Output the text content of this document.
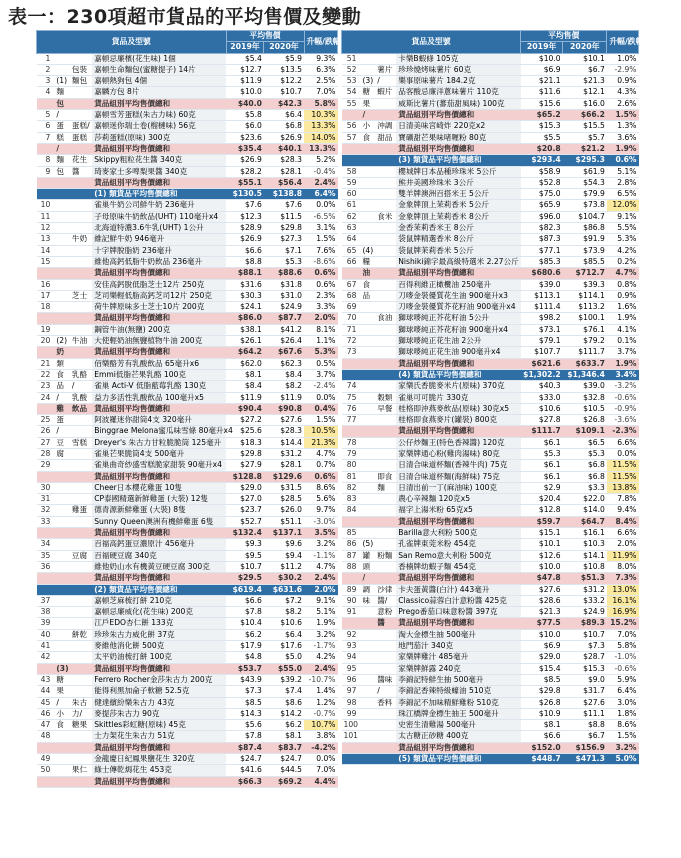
表一：230項超市貨品的平均售價及變動
貨品及型號				平均售價		升幅/跌幅
				2019年	2020年	
1			嘉頓忌廉檳(花生味) 1個	$5.4	$5.9	9.3%
2		包裝	嘉頓生命麵包(蜜糖提子) 14片	$12.7	$13.5	6.3%
3	(1)	麵包	嘉頓熱狗包 4個	$11.9	$12.2	2.5%
4	麵		嘉麟方包 8片	$10.0	$10.7	7.0%
	包		貨品組別平均售價總和	$40.0	$42.3	5.8%
5	/		嘉頓雪芳蛋糕(朱古力味) 60克	$5.8	$6.4	10.3%
6	蛋	蛋糕/	嘉頓迷你瑞士卷(榴槤味) 56克	$6.0	$6.8	13.3%
7	糕	蛋糕	莎莉蛋糕(原味) 300克	$23.6	$26.9	14.0%
	/		貨品組別平均售價總和	$35.4	$40.1	13.3%
8	麵	花生	Skippy粗粒花生醬 340克	$26.9	$28.3	5.2%
9	包	醬	琦麥家士多啤梨果醬 340克	$28.2	$28.1	-0.4%
			貨品組別平均售價總和	$55.1	$56.4	2.4%
			(1) 類貨品平均售價總和	$130.5	$138.8	6.4%
10			雀巢牛奶公司鮮牛奶 236毫升	$7.6	$7.6	0.0%
11			子母原味牛奶飲品(UHT) 110毫升x4	$12.3	$11.5	-6.5%
12			北海道特濃3.6牛乳(UHT) 1公升	$28.9	$29.8	3.1%
13		牛奶	維記鮮牛奶 946毫升	$26.9	$27.3	1.5%
14			十字牌脫脂奶 236毫升	$6.6	$7.1	7.6%
15			維他高鈣低脂牛奶飲品 236毫升	$8.8	$5.3	-8.6%
			貨品組別平均售價總和	$88.1	$88.6	0.6%
16			安佳高鈣脫低脂芝士12片 250克	$31.6	$31.8	0.6%
17		芝士	芝司樂輕低脂高鈣芝司12片 250克	$30.3	$31.0	2.3%
18			荷牛牌原味多士芝士10片 200克	$24.1	$24.9	3.3%
			貨品組別平均售價總和	$86.0	$87.7	2.0%
19			鋼管牛油(無鹽) 200克	$38.1	$41.2	8.1%
20	(2)	牛油	大使輕奶油無鹽植物牛油 200克	$26.1	$26.4	1.1%
	奶		貨品組別平均售價總和	$64.2	$67.6	5.3%
21	類		佰樂酪芳有乳酸飲品 65毫升x6	$62.0	$62.3	0.5%
22	食	乳酪	Emmi低脂芒果乳酪 100克	$8.1	$8.4	3.7%
23	品	/	雀巢 Acti-V 低脂藍莓乳酪 130克	$8.4	$8.2	-2.4%
24	/	乳酸	益力多活性乳酸飲品 100毫升x5	$11.9	$11.9	0.0%
	雞	飲品	貨品組別平均售價總和	$90.4	$90.8	0.4%
25	蛋		阿波羅迷你甜筒4支 320毫升	$27.2	$27.6	1.5%
26	/		Binggrae Melona蜜瓜味雪條 80毫升x4	$25.6	$28.3	10.5%
27	豆	雪糕	Dreyer's 朱古力甘粒脆脆筒 125毫升	$18.3	$14.4	21.3%
28	腐		雀巢芒果脆筒4支 500毫升	$29.8	$31.2	4.7%
29			雀巢曲奇紗盛雪糕脆家甜裝 90毫升x4	$27.9	$28.1	0.7%
			貨品組別平均售價總和	$128.8	$129.6	0.6%
30			Cheer日本櫻花雞蛋 10隻	$29.0	$31.5	8.6%
31			CP泰國精選新鮮雞蛋 (大裝) 12隻	$27.0	$28.5	5.6%
32		雞蛋	德青源新鮮雞蛋 (大裝) 8隻	$23.7	$26.0	9.7%
33			Sunny Queen澳洲有機鮮雞蛋 6隻	$52.7	$51.1	-3.0%
			貨品組別平均售價總和	$132.4	$137.1	3.5%
34			百福高鈣蛋豆濃原汁 456毫升	$9.3	$9.6	3.2%
35		豆腐	百福硬豆腐 340克	$9.5	$9.4	-1.1%
36			維他奶山水有機黃豆硬豆腐 300克	$10.7	$11.2	4.7%
			貨品組別平均售價總和	$29.5	$30.2	2.4%
			(2) 類貨品平均售價總和	$619.4	$631.6	2.0%
37			嘉頓芝麻梳打餅 210克	$6.6	$7.2	9.1%
38			嘉頓忌廉威化(花生味) 200克	$7.8	$8.2	5.1%
39			江戶EDO杏仁餅 133克	$10.4	$10.6	1.9%
40		餅乾	珍珍朱古力威化餅 37克	$6.2	$6.4	3.2%
41			麥維他消化餅 500克	$17.9	$17.6	-1.7%
42			太平奶油梳打餅 100克	$4.8	$5.0	4.2%
	(3)		貨品組別平均售價總和	$53.7	$55.0	2.4%
43	糖		Ferrero Rocher金莎朱古力 200克	$43.9	$39.2	-10.7%
44	果		能得利黑加侖子軟糖 52.5克	$7.3	$7.4	1.4%
45	/	朱古	健達繽紛樂朱古力 43克	$8.5	$8.6	1.2%
46	小	力/	麥提莎朱古力 90克	$14.3	$14.2	-0.7%
47	食	糖果	Skittles彩虹糖(原味) 45克	$5.6	$6.2	10.7%
48			士力架花生朱古力 51克	$7.8	$8.1	3.8%
			貨品組別平均售價總和	$87.4	$83.7	-4.2%
49			金龍慶日紀鳳果鹽花生 320克	$24.7	$24.7	0.0%
50		果仁	綠士傳乾焗花生 453克	$41.6	$44.5	7.0%
			貨品組別平均售價總和	$66.3	$69.2	4.4%
貨品及型號				平均售價		升幅/跌幅
				2019年	2020年	
51			卡樂B蝦條 105克	$10.0	$10.1	1.0%
52		薯片	珍珍燒烤味薯片 60克	$6.9	$6.7	-2.9%
53	(3)	/	樂事原味薯片 184.2克	$21.1	$21.3	0.9%
54	糖	蝦片	品客酸忌廉洋蔥味薯片 110克	$11.6	$12.1	4.3%
55	果		威斯比薯片(蕃茄甜風味) 100克	$15.6	$16.0	2.6%
	/		貨品組別平均售價總和	$65.2	$66.2	1.5%
56	小	沖調	日清美味宮崎炸 220克x2	$15.3	$15.5	1.3%
57	食	甜品	寶礦甜芒果味啫喱粉 80克	$5.5	$5.7	3.6%
			貨品組別平均售價總和	$20.8	$21.2	1.9%
			(3) 類貨品平均售價總和	$293.4	$295.3	0.6%
58			櫻城牌日本品種珍珠米 5公斤	$58.9	$61.9	5.1%
59			熊井美國珍珠米 3公斤	$52.8	$54.3	2.8%
60			雙羊牌澳洲百搭米王 5公斤	$75.0	$79.9	6.5%
61			金象牌頂上茉莉香米 5公斤	$65.9	$73.8	12.0%
62		食米	金象牌頂上茉莉香米 8公斤	$96.0	$104.7	9.1%
63			金香茉莉香米王 8公斤	$82.3	$86.8	5.5%
64			袋鼠牌精選香米 8公斤	$87.3	$91.9	5.3%
65	(4)		袋鼠牌茉莉香米 5公斤	$77.1	$73.9	4.2%
66	糧		Nishiki錦字最高級特選米 2.27公斤	$85.3	$85.5	0.2%
	油		貨品組別平均售價總和	$680.6	$712.7	4.7%
67	食		百得利維正橄欖油 250毫升	$39.0	$39.3	0.8%
68	品		刀嘜金裝優質花生油 900毫升x3	$113.1	$114.1	0.9%
69			刀嘜金裝優質芥花籽油 900毫升x4	$111.4	$113.2	1.6%
70		食油	獅球嘜純正芥花籽油 5公升	$98.2	$100.1	1.9%
71			獅球嘜純正芥花籽油 900毫升x4	$73.1	$76.1	4.1%
72			獅球嘜純正花生油 2公升	$79.1	$79.2	0.1%
73			獅球嘜純正花生油 900毫升x4	$107.7	$111.7	3.7%
			貨品組別平均售價總和	$621.6	$633.7	1.9%
			(4) 類貨品平均售價總和	$1,302.2	$1,346.4	3.4%
74			家樂氏香脆麥米片(原味) 370克	$40.3	$39.0	-3.2%
75		穀類	雀巢可可脆片 330克	$33.0	$32.8	-0.6%
76		早餐	桂格即沖燕麥飲品(原味) 30克x5	$10.6	$10.5	-0.9%
77			桂格即食燕麥片(罐裝) 800克	$27.8	$26.8	-3.6%
			貨品組別平均售價總和	$111.7	$109.1	-2.3%
78			公仔炒麵王(特色香辣醬) 120克	$6.1	$6.5	6.6%
79			家樂牌通心粉(雞肉湯味) 80克	$5.3	$5.3	0.0%
80			日清合味道杯麵(香辣牛肉) 75克	$6.1	$6.8	11.5%
81		即食	日清合味道杯麵(海鮮味) 75克	$6.1	$6.8	11.5%
82		麵	日清出前一丁(麻油味) 100克	$2.9	$3.3	13.8%
83			農心辛辣麵 120克x5	$20.4	$22.0	7.8%
84			福字上湯米粉 65克x5	$12.8	$14.0	9.4%
			貨品組別平均售價總和	$59.7	$64.7	8.4%
85			Barilla意大利粉 500克	$15.1	$16.1	6.6%
86	(5)		孔雀牌東莞米粉 454克	$10.1	$10.3	2.0%
87	罐	粉麵	San Remo意大利粉 500克	$12.6	$14.1	11.9%
88	頭		香楠牌幼蝦子麵 454克	$10.0	$10.8	8.0%
	/		貨品組別平均售價總和	$47.8	$51.3	7.3%
89	調	沙律	卡夫蛋黃醬(白汁) 443毫升	$27.6	$31.2	13.0%
90	味	醬/	Classico蒜蓉白汁意粉醬 425克	$28.6	$33.2	16.1%
91		意粉	Prego番茄口味意粉醬 397克	$21.3	$24.9	16.9%
		醬	貨品組別平均售價總和	$77.5	$89.3	15.2%
92			淘大金標生抽 500毫升	$10.0	$10.7	7.0%
93			地門茄汁 340克	$6.9	$7.3	5.8%
94			家樂牌雞汁 485毫升	$29.0	$28.7	-1.0%
95			家樂牌鮮露 240克	$15.4	$15.3	-0.6%
96		醬味	李錦記特鮮生抽 500毫升	$8.5	$9.0	5.9%
97		/	李錦記香辣特級蠔油 510克	$29.8	$31.7	6.4%
98		香料	李錦記不加味精鮮雞粉 510克	$26.8	$27.6	3.0%
99			珠江橋牌金標生抽王 500毫升	$10.9	$11.1	1.8%
100			史密生清雞湯 500毫升	$8.1	$8.8	8.6%
101			太古糖正砂糖 400克	$6.6	$6.7	1.5%
			貨品組別平均售價總和	$152.0	$156.9	3.2%
			(5) 類貨品平均售價總和	$448.7	$471.3	5.0%
